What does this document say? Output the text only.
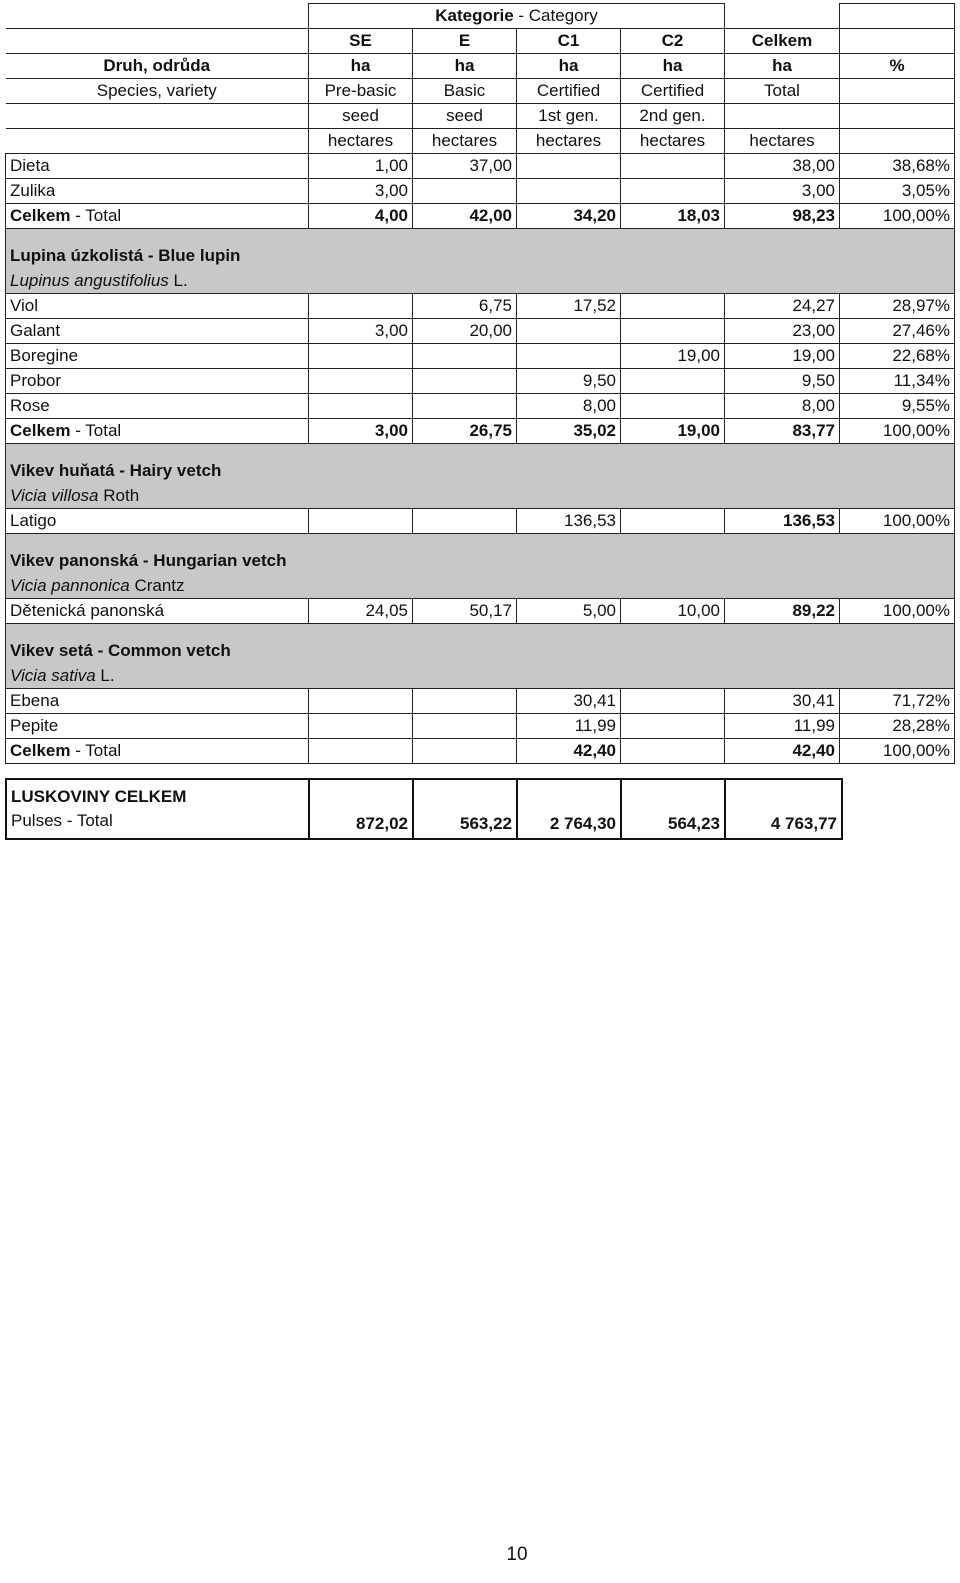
	Kategorie - Category					
	SE	E	C1	C2	Celkem	
Druh, odrůda	ha	ha	ha	ha	ha	%
Species, variety	Pre-basic	Basic	Certified	Certified	Total	
	seed	seed	1st gen.	2nd gen.		
	hectares	hectares	hectares	hectares	hectares	
Dieta	1,00	37,00			38,00	38,68%
Zulika	3,00				3,00	3,05%
Celkem - Total	4,00	42,00	34,20	18,03	98,23	100,00%
Lupina úzkolistá - Blue lupin						
Lupinus angustifolius L.						
Viol		6,75	17,52		24,27	28,97%
Galant	3,00	20,00			23,00	27,46%
Boregine				19,00	19,00	22,68%
Probor			9,50		9,50	11,34%
Rose			8,00		8,00	9,55%
Celkem - Total	3,00	26,75	35,02	19,00	83,77	100,00%
Vikev huňatá - Hairy vetch						
Vicia villosa Roth						
Latigo			136,53		136,53	100,00%
Vikev panonská - Hungarian vetch						
Vicia pannonica Crantz						
Dětenická panonská	24,05	50,17	5,00	10,00	89,22	100,00%
Vikev setá - Common vetch						
Vicia sativa L.						
Ebena			30,41		30,41	71,72%
Pepite			11,99		11,99	28,28%
Celkem - Total			42,40		42,40	100,00%
LUSKOVINY CELKEM
Pulses - Total	872,02	563,22	2 764,30	564,23	4 763,77
10
